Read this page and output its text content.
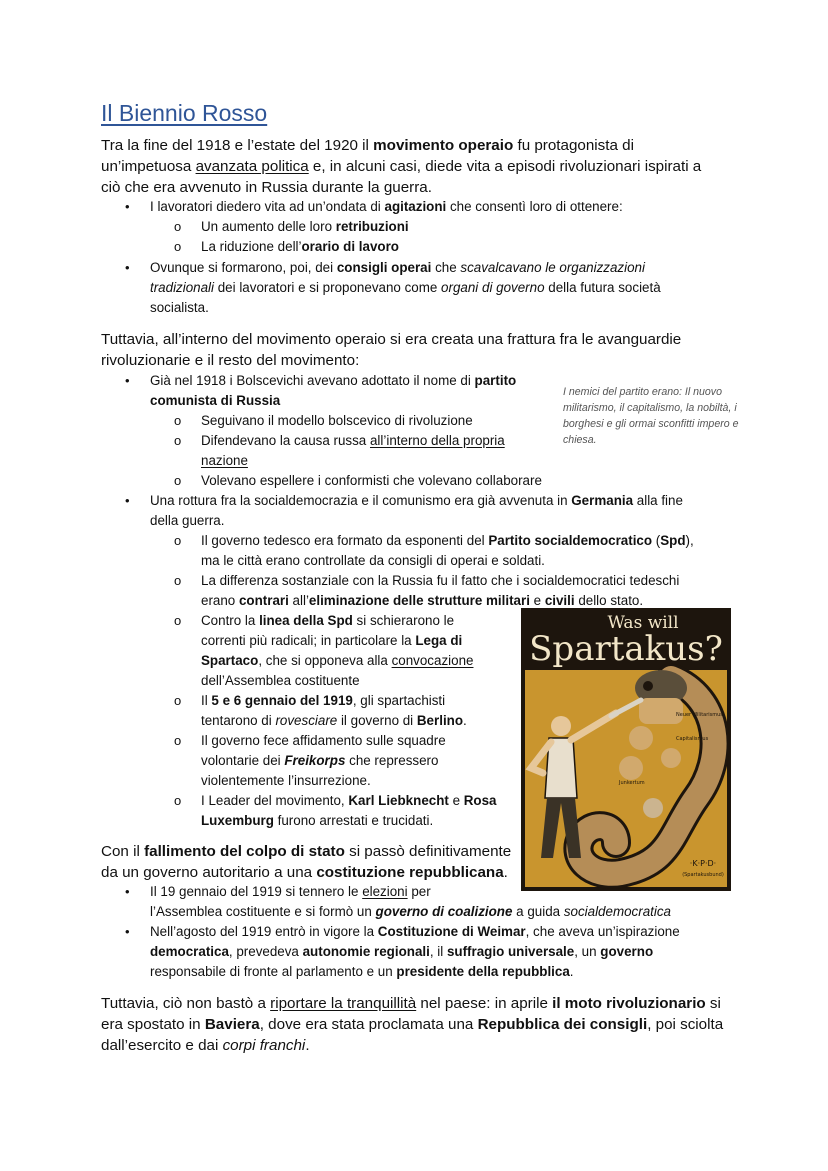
Il Biennio Rosso

Tra la fine del 1918 e l’estate del 1920 il movimento operaio fu protagonista di

un’impetuosa avanzata politica e, in alcuni casi, diede vita a episodi rivoluzionari ispirati a

ciò che era avvenuto in Russia durante la guerra.

• I lavoratori diedero vita ad un’ondata di agitazioni che consentì loro di ottenere:
o Un aumento delle loro retribuzioni
o La riduzione dell’orario di lavoro
• Ovunque si formarono, poi, dei consigli operai che scavalcavano le organizzazioni
tradizionali dei lavoratori e si proponevano come organi di governo della futura società
socialista.

Tuttavia, all’interno del movimento operaio si era creata una frattura fra le avanguardie

rivoluzionarie e il resto del movimento:

• Già nel 1918 i Bolscevichi avevano adottato il nome di partito
comunista di Russia
o Seguivano il modello bolscevico di rivoluzione
o Difendevano la causa russa all’interno della propria
nazione
o Volevano espellere i conformisti che volevano collaborare
I nemici del partito erano: Il nuovo militarismo, il capitalismo, la nobiltà, i borghesi e gli ormai sconfitti impero e chiesa.
• Una rottura fra la socialdemocrazia e il comunismo era già avvenuta in Germania alla fine
della guerra.
o Il governo tedesco era formato da esponenti del Partito socialdemocratico (Spd),
ma le città erano controllate da consigli di operai e soldati.
o La differenza sostanziale con la Russia fu il fatto che i socialdemocratici tedeschi
erano contrari all’eliminazione delle strutture militari e civili dello stato.
o Contro la linea della Spd si schierarono le
correnti più radicali; in particolare la Lega di
Spartaco, che si opponeva alla convocazione
dell’Assemblea costituente
o Il 5 e 6 gennaio del 1919, gli spartachisti
tentarono di rovesciare il governo di Berlino.
o Il governo fece affidamento sulle squadre
volontarie dei Freikorps che repressero
violentemente l’insurrezione.
o I Leader del movimento, Karl Liebknecht e Rosa
Luxemburg furono arrestati e trucidati.
Was will
Spartakus?
Neuer Militarismus
Capitalismus
Junkertum
·K·P·D·
(Spartakusbund)

Con il fallimento del colpo di stato si passò definitivamente

da un governo autoritario a una costituzione repubblicana.

• Il 19 gennaio del 1919 si tennero le elezioni per
l’Assemblea costituente e si formò un governo di coalizione a guida socialdemocratica
• Nell’agosto del 1919 entrò in vigore la Costituzione di Weimar, che aveva un’ispirazione
democratica, prevedeva autonomie regionali, il suffragio universale, un governo
responsabile di fronte al parlamento e un presidente della repubblica.

Tuttavia, ciò non bastò a riportare la tranquillità nel paese: in aprile il moto rivoluzionario si

era spostato in Baviera, dove era stata proclamata una Repubblica dei consigli, poi sciolta

dall’esercito e dai corpi franchi.
